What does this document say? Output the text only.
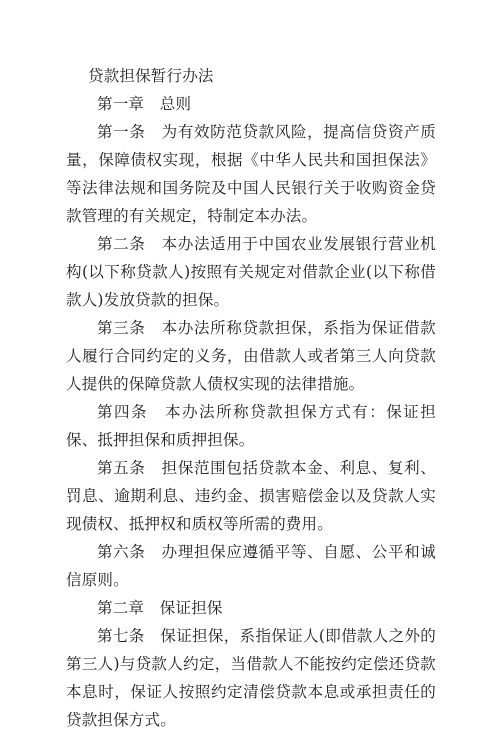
贷款担保暂行办法
第一章　总则
第一条　为有效防范贷款风险，提高信贷资产质量，保障债权实现，根据《中华人民共和国担保法》等法律法规和国务院及中国人民银行关于收购资金贷款管理的有关规定，特制定本办法。
第二条　本办法适用于中国农业发展银行营业机构(以下称贷款人)按照有关规定对借款企业(以下称借款人)发放贷款的担保。
第三条　本办法所称贷款担保，系指为保证借款人履行合同约定的义务，由借款人或者第三人向贷款人提供的保障贷款人债权实现的法律措施。
第四条　本办法所称贷款担保方式有：保证担保、抵押担保和质押担保。
第五条　担保范围包括贷款本金、利息、复利、罚息、逾期利息、违约金、损害赔偿金以及贷款人实现债权、抵押权和质权等所需的费用。
第六条　办理担保应遵循平等、自愿、公平和诚信原则。
第二章　保证担保
第七条　保证担保，系指保证人(即借款人之外的第三人)与贷款人约定，当借款人不能按约定偿还贷款本息时，保证人按照约定清偿贷款本息或承担责任的贷款担保方式。
